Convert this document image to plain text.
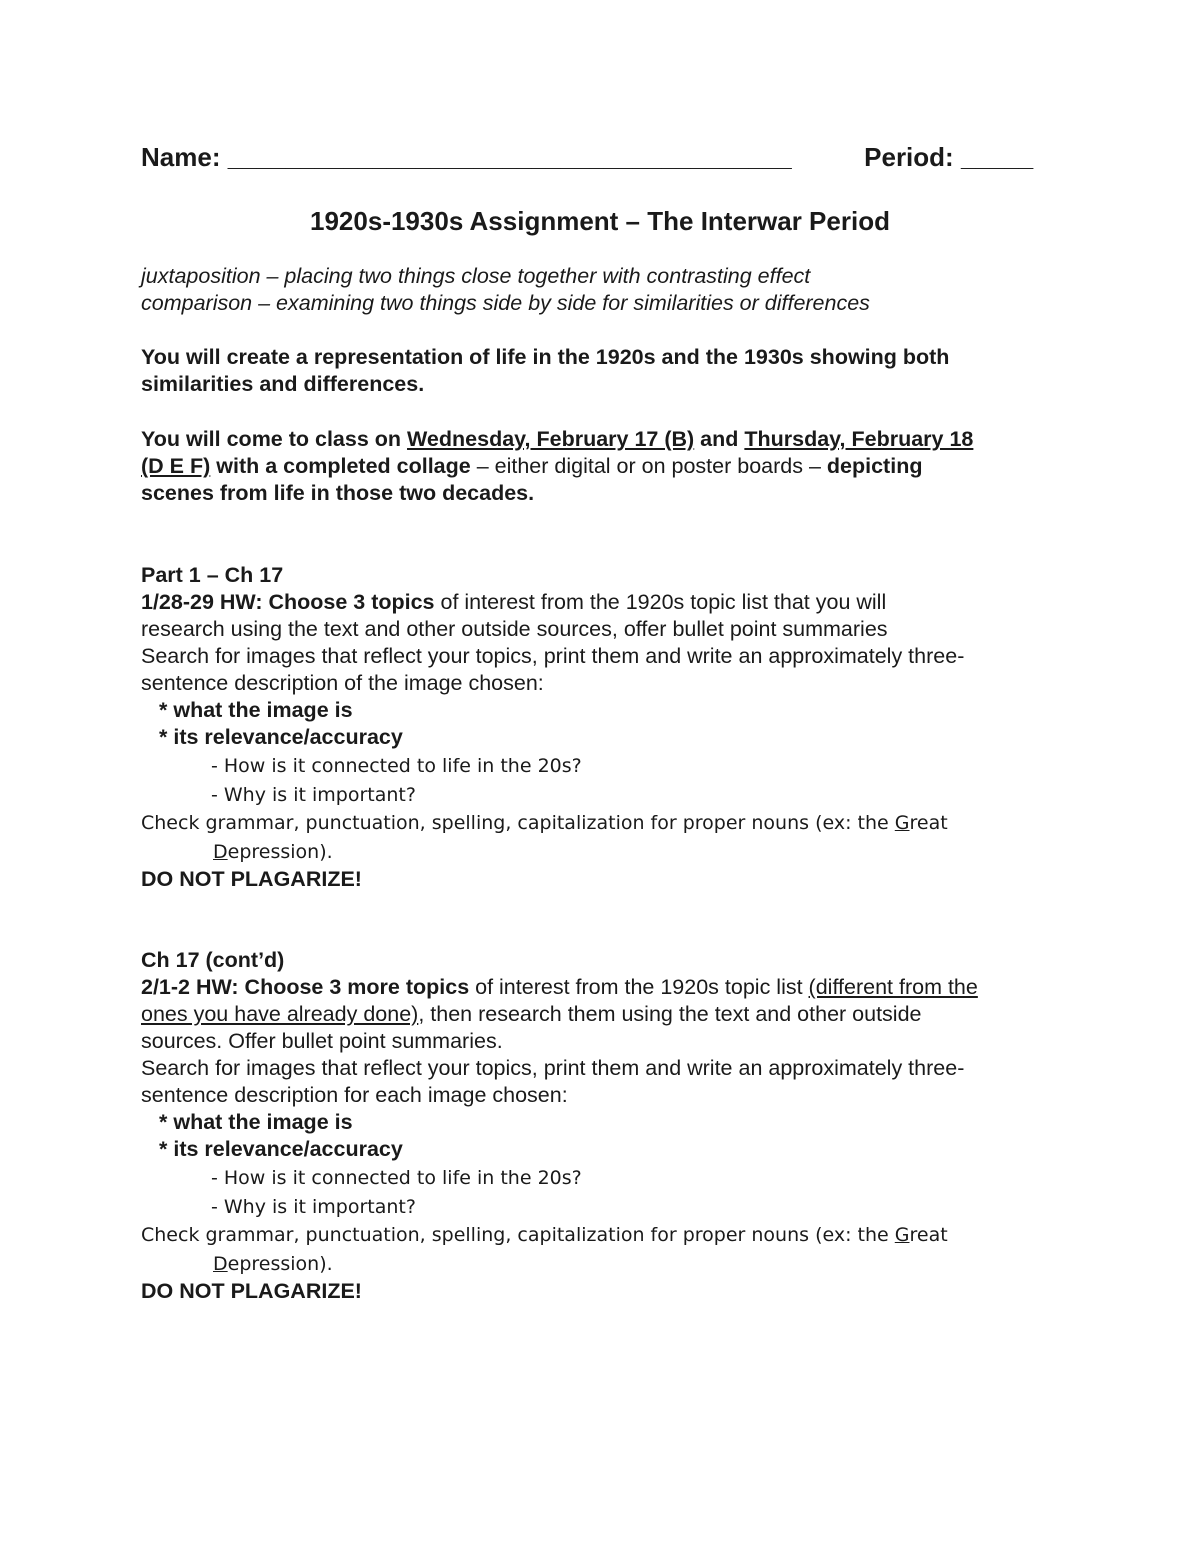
Name: _______________________________________	Period: _____
1920s-1930s Assignment – The Interwar Period
juxtaposition – placing two things close together with contrasting effect
comparison – examining two things side by side for similarities or differences
You will create a representation of life in the 1920s and the 1930s showing both
similarities and differences.
You will come to class on Wednesday, February 17 (B) and Thursday, February 18
(D E F) with a completed collage – either digital or on poster boards – depicting
scenes from life in those two decades.
Part 1 – Ch 17
1/28-29 HW: Choose 3 topics of interest from the 1920s topic list that you will
research using the text and other outside sources, offer bullet point summaries
Search for images that reflect your topics, print them and write an approximately three-
sentence description of the image chosen:
* what the image is
* its relevance/accuracy
- How is it connected to life in the 20s?
- Why is it important?
Check grammar, punctuation, spelling, capitalization for proper nouns (ex: the Great
Depression).
DO NOT PLAGARIZE!
Ch 17 (cont’d)
2/1-2 HW: Choose 3 more topics of interest from the 1920s topic list (different from the
ones you have already done), then research them using the text and other outside
sources. Offer bullet point summaries.
Search for images that reflect your topics, print them and write an approximately three-
sentence description for each image chosen:
* what the image is
* its relevance/accuracy
- How is it connected to life in the 20s?
- Why is it important?
Check grammar, punctuation, spelling, capitalization for proper nouns (ex: the Great
Depression).
DO NOT PLAGARIZE!
